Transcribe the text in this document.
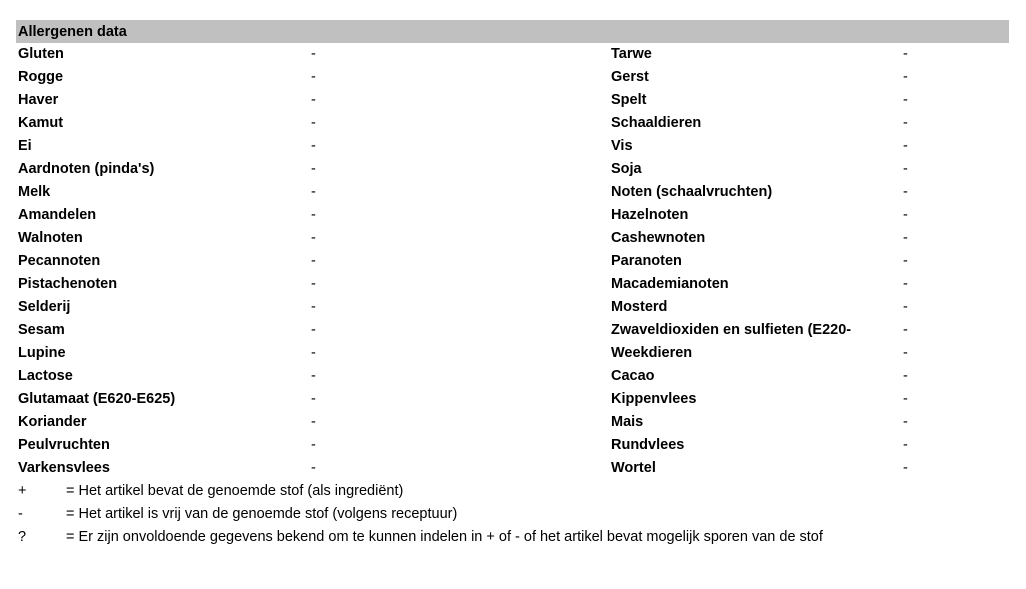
Allergenen data
Gluten	-	Tarwe	-
Rogge	-	Gerst	-
Haver	-	Spelt	-
Kamut	-	Schaaldieren	-
Ei	-	Vis	-
Aardnoten (pinda's)	-	Soja	-
Melk	-	Noten (schaalvruchten)	-
Amandelen	-	Hazelnoten	-
Walnoten	-	Cashewnoten	-
Pecannoten	-	Paranoten	-
Pistachenoten	-	Macademianoten	-
Selderij	-	Mosterd	-
Sesam	-	Zwaveldioxiden en sulfieten (E220-	-
Lupine	-	Weekdieren	-
Lactose	-	Cacao	-
Glutamaat (E620-E625)	-	Kippenvlees	-
Koriander	-	Mais	-
Peulvruchten	-	Rundvlees	-
Varkensvlees	-	Wortel	-
+	= Het artikel bevat de genoemde stof (als ingrediënt)
-	= Het artikel is vrij van de genoemde stof (volgens receptuur)
?	= Er zijn onvoldoende gegevens bekend om te kunnen indelen in + of - of het artikel bevat mogelijk sporen van de stof
